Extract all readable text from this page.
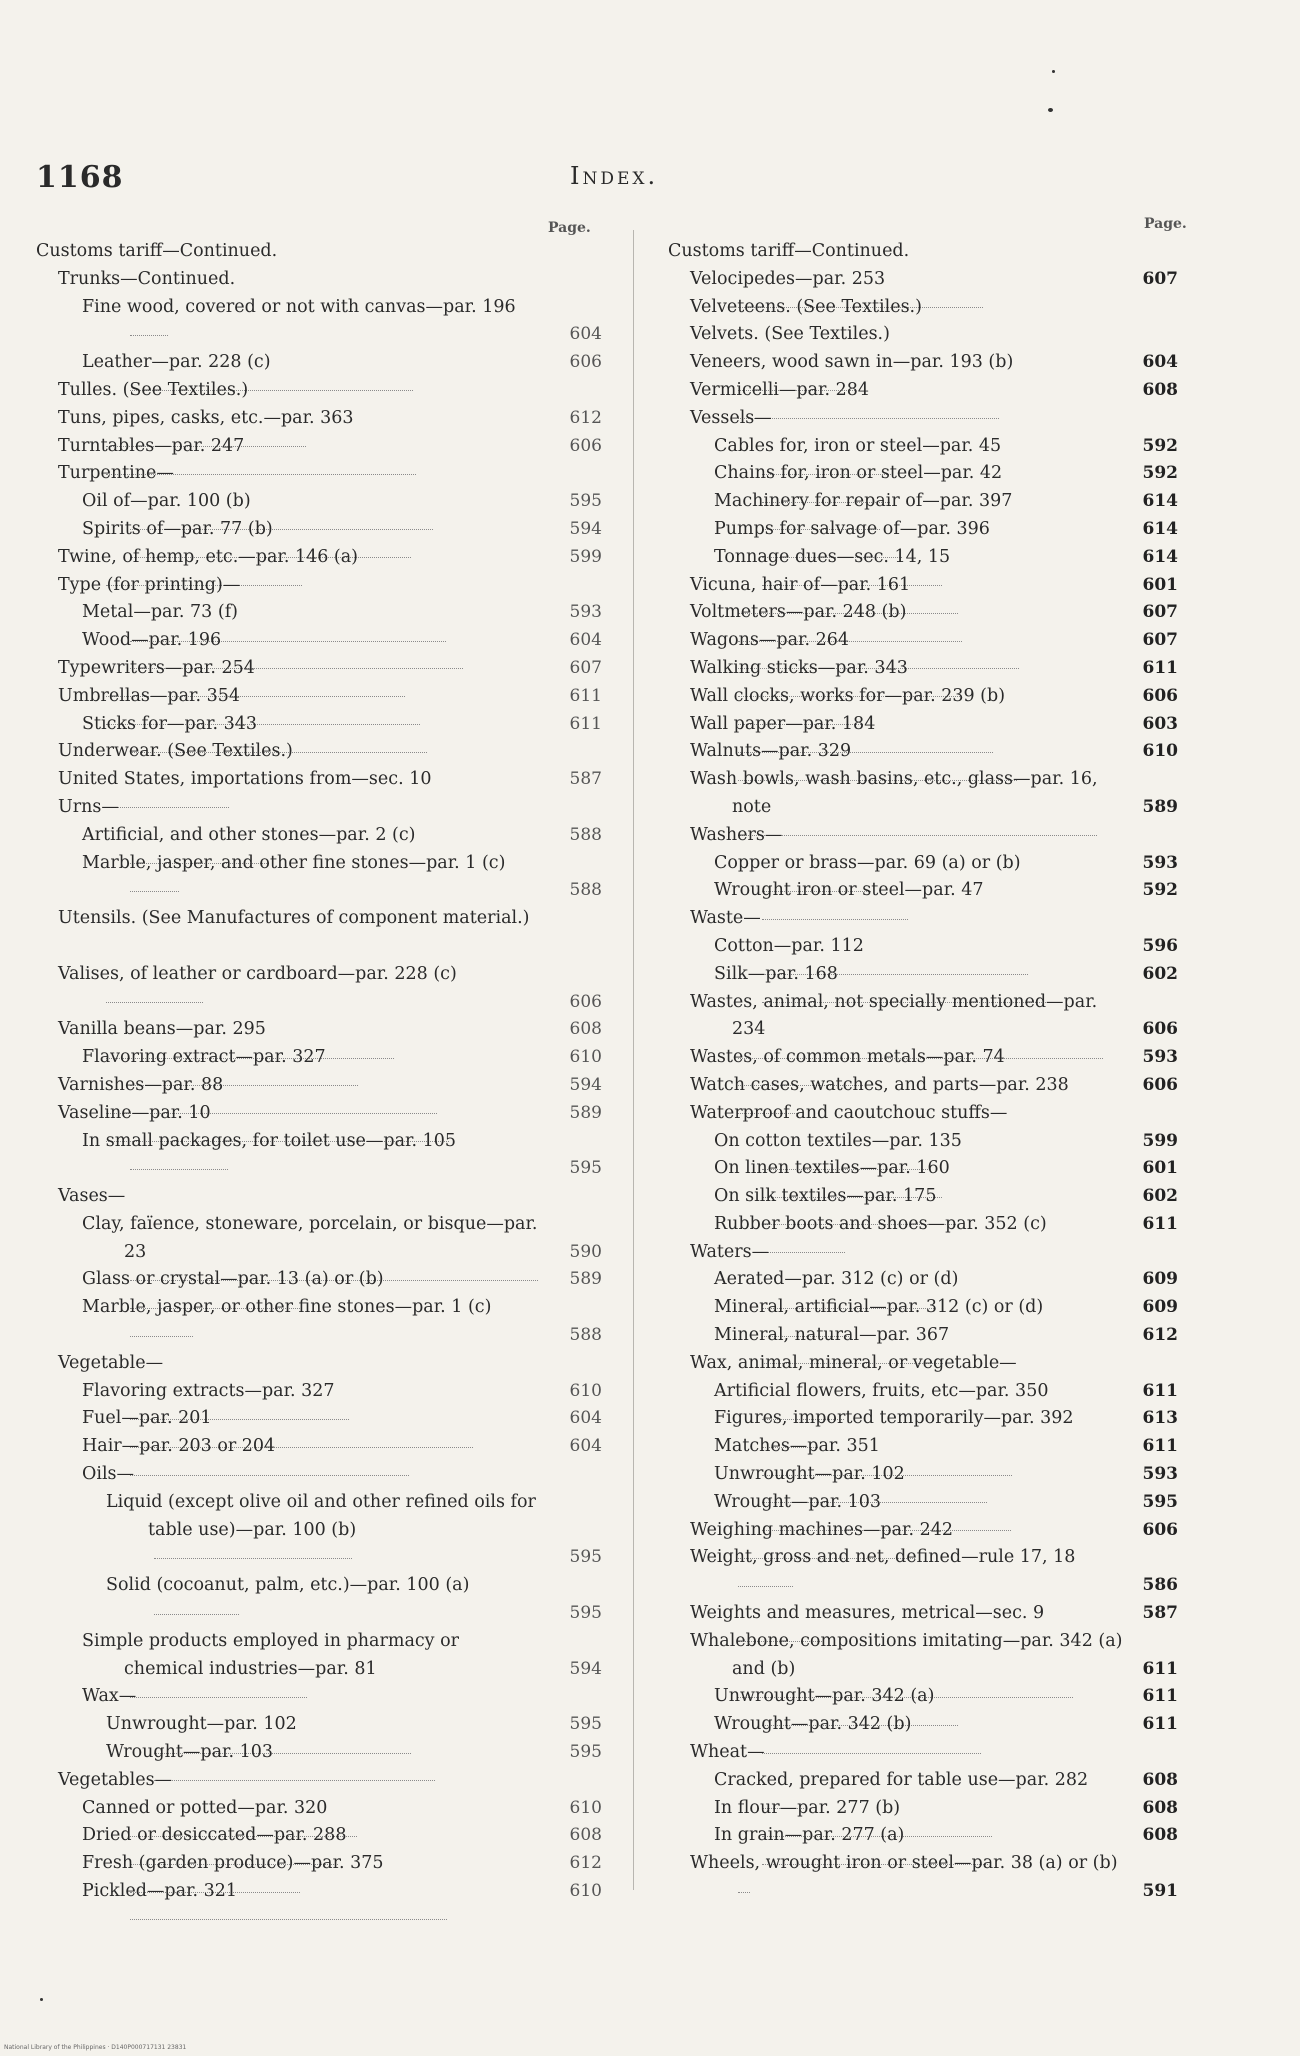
1168	Index.
Page.	Page.
Customs tariff—Continued.
Trunks—Continued.
Fine wood, covered or not with canvas—par. 196
604
Leather—par. 228 (c)	606
Tulles. (See Textiles.)
Tuns, pipes, casks, etc.—par. 363	612
Turntables—par. 247	606
Turpentine—
Oil of—par. 100 (b)	595
Spirits of—par. 77 (b)	594
Twine, of hemp, etc.—par. 146 (a)	599
Type (for printing)—
Metal—par. 73 (f)	593
Wood—par. 196	604
Typewriters—par. 254	607
Umbrellas—par. 354	611
Sticks for—par. 343	611
Underwear. (See Textiles.)
United States, importations from—sec. 10	587
Urns—
Artificial, and other stones—par. 2 (c)	588
Marble, jasper, and other fine stones—par. 1 (c)
588
Utensils. (See Manufactures of component material.)
Valises, of leather or cardboard—par. 228 (c)
606
Vanilla beans—par. 295	608
Flavoring extract—par. 327	610
Varnishes—par. 88	594
Vaseline—par. 10	589
In small packages, for toilet use—par. 105
595
Vases—
Clay, faïence, stoneware, porcelain, or bisque—par. 23	590
Glass or crystal—par. 13 (a) or (b)	589
Marble, jasper, or other fine stones—par. 1 (c)
588
Vegetable—
Flavoring extracts—par. 327	610
Fuel—par. 201	604
Hair—par. 203 or 204	604
Oils—
Liquid (except olive oil and other refined oils for table use)—par. 100 (b)
595
Solid (cocoanut, palm, etc.)—par. 100 (a)
595
Simple products employed in pharmacy or chemical industries—par. 81	594
Wax—
Unwrought—par. 102	595
Wrought—par. 103	595
Vegetables—
Canned or potted—par. 320	610
Dried or desiccated—par. 288	608
Fresh (garden produce)—par. 375	612
Pickled—par. 321	610
Customs tariff—Continued.
Velocipedes—par. 253	607
Velveteens. (See Textiles.)
Velvets. (See Textiles.)
Veneers, wood sawn in—par. 193 (b)	604
Vermicelli—par. 284	608
Vessels—
Cables for, iron or steel—par. 45	592
Chains for, iron or steel—par. 42	592
Machinery for repair of—par. 397	614
Pumps for salvage of—par. 396	614
Tonnage dues—sec. 14, 15	614
Vicuna, hair of—par. 161	601
Voltmeters—par. 248 (b)	607
Wagons—par. 264	607
Walking sticks—par. 343	611
Wall clocks, works for—par. 239 (b)	606
Wall paper—par. 184	603
Walnuts—par. 329	610
Wash bowls, wash basins, etc., glass—par. 16, note	589
Washers—
Copper or brass—par. 69 (a) or (b)	593
Wrought iron or steel—par. 47	592
Waste—
Cotton—par. 112	596
Silk—par. 168	602
Wastes, animal, not specially mentioned—par. 234	606
Wastes, of common metals—par. 74	593
Watch cases, watches, and parts—par. 238	606
Waterproof and caoutchouc stuffs—
On cotton textiles—par. 135	599
On linen textiles—par. 160	601
On silk textiles—par. 175	602
Rubber boots and shoes—par. 352 (c)	611
Waters—
Aerated—par. 312 (c) or (d)	609
Mineral, artificial—par. 312 (c) or (d)	609
Mineral, natural—par. 367	612
Wax, animal, mineral, or vegetable—
Artificial flowers, fruits, etc—par. 350	611
Figures, imported temporarily—par. 392	613
Matches—par. 351	611
Unwrought—par. 102	593
Wrought—par. 103	595
Weighing machines—par. 242	606
Weight, gross and net, defined—rule 17, 18
586
Weights and measures, metrical—sec. 9	587
Whalebone, compositions imitating—par. 342 (a) and (b)	611
Unwrought—par. 342 (a)	611
Wrought—par. 342 (b)	611
Wheat—
Cracked, prepared for table use—par. 282	608
In flour—par. 277 (b)	608
In grain—par. 277 (a)	608
Wheels, wrought iron or steel—par. 38 (a) or (b)
591
National Library of the Philippines · D140P000717131 23831
